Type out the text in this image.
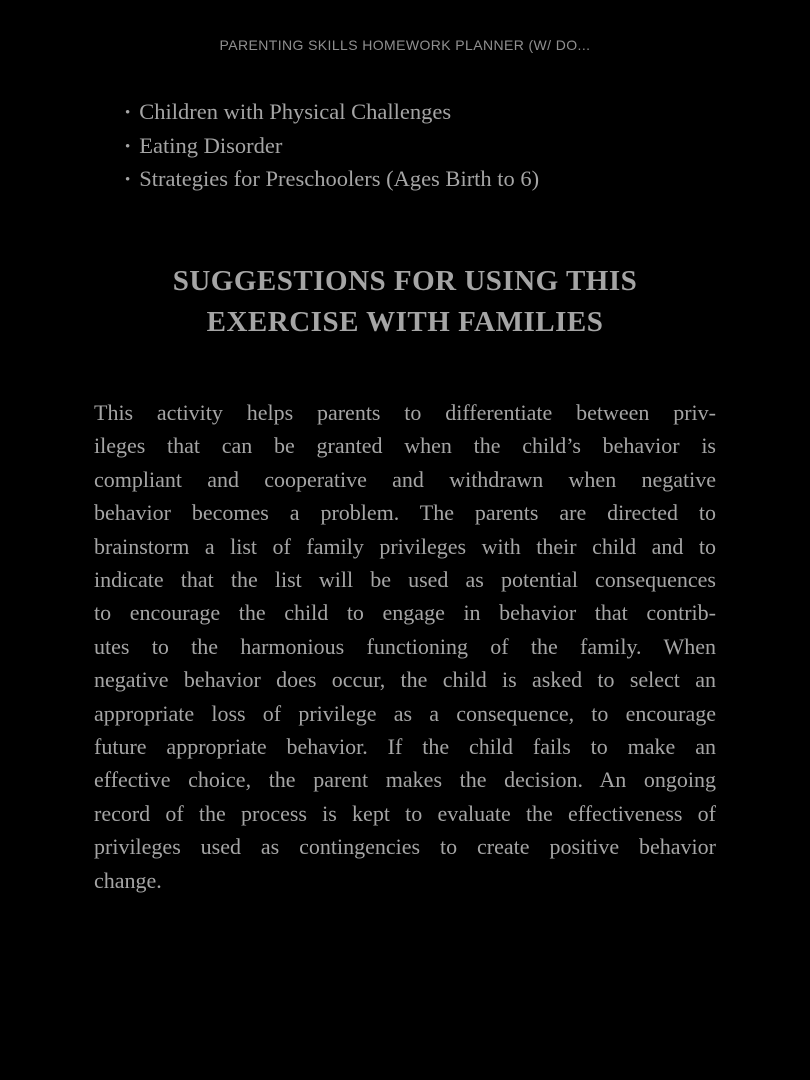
PARENTING SKILLS HOMEWORK PLANNER (W/ DO...
• Children with Physical Challenges
• Eating Disorder
• Strategies for Preschoolers (Ages Birth to 6)
SUGGESTIONS FOR USING THIS
EXERCISE WITH FAMILIES
This activity helps parents to differentiate between priv-
ileges that can be granted when the child’s behavior is
compliant and cooperative and withdrawn when negative
behavior becomes a problem. The parents are directed to
brainstorm a list of family privileges with their child and to
indicate that the list will be used as potential consequences
to encourage the child to engage in behavior that contrib-
utes to the harmonious functioning of the family. When
negative behavior does occur, the child is asked to select an
appropriate loss of privilege as a consequence, to encourage
future appropriate behavior. If the child fails to make an
effective choice, the parent makes the decision. An ongoing
record of the process is kept to evaluate the effectiveness of
privileges used as contingencies to create positive behavior
change.
